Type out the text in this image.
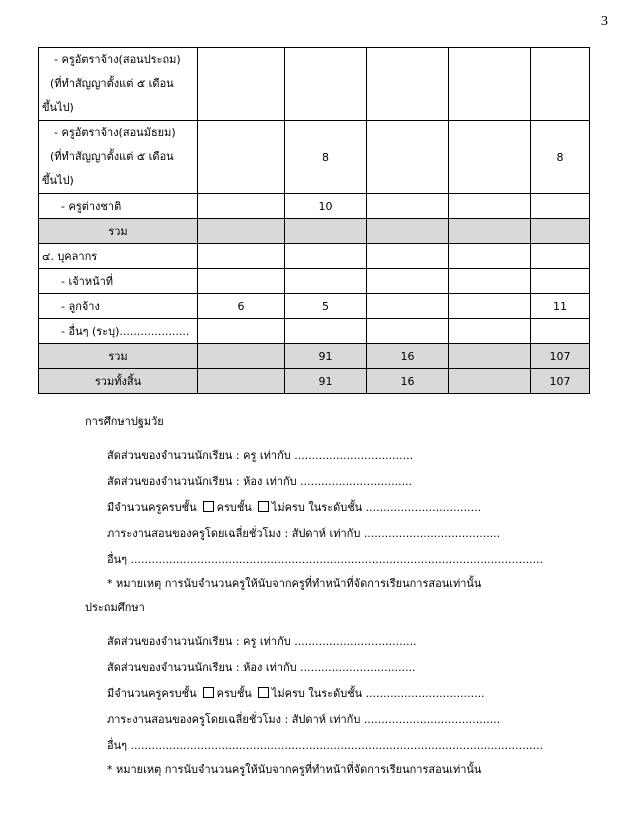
3
- ครูอัตราจ้าง(สอนประถม)
(ที่ทำสัญญาตั้งแต่ ๕ เดือน
ขึ้นไป)					

- ครูอัตราจ้าง(สอนมัธยม)
(ที่ทำสัญญาตั้งแต่ ๕ เดือน
ขึ้นไป)		8			8
- ครูต่างชาติ		10			
รวม					
๔. บุคลากร					
- เจ้าหน้าที่					
- ลูกจ้าง	6	5			11
- อื่นๆ (ระบุ)....................					
รวม		91	16		107
รวมทั้งสิ้น		91	16		107
การศึกษาปฐมวัย
สัดส่วนของจำนวนนักเรียน : ครู เท่ากับ ..................................
สัดส่วนของจำนวนนักเรียน : ห้อง เท่ากับ ................................
มีจำนวนครูครบชั้น ครบชั้น ไม่ครบ ในระดับชั้น .................................
ภาระงานสอนของครูโดยเฉลี่ยชั่วโมง : สัปดาห์ เท่ากับ .......................................
อื่นๆ ......................................................................................................................
* หมายเหตุ การนับจำนวนครูให้นับจากครูที่ทำหน้าที่จัดการเรียนการสอนเท่านั้น
ประถมศึกษา
สัดส่วนของจำนวนนักเรียน : ครู เท่ากับ ...................................
สัดส่วนของจำนวนนักเรียน : ห้อง เท่ากับ .................................
มีจำนวนครูครบชั้น ครบชั้น ไม่ครบ ในระดับชั้น ..................................
ภาระงานสอนของครูโดยเฉลี่ยชั่วโมง : สัปดาห์ เท่ากับ .......................................
อื่นๆ ......................................................................................................................
* หมายเหตุ การนับจำนวนครูให้นับจากครูที่ทำหน้าที่จัดการเรียนการสอนเท่านั้น
